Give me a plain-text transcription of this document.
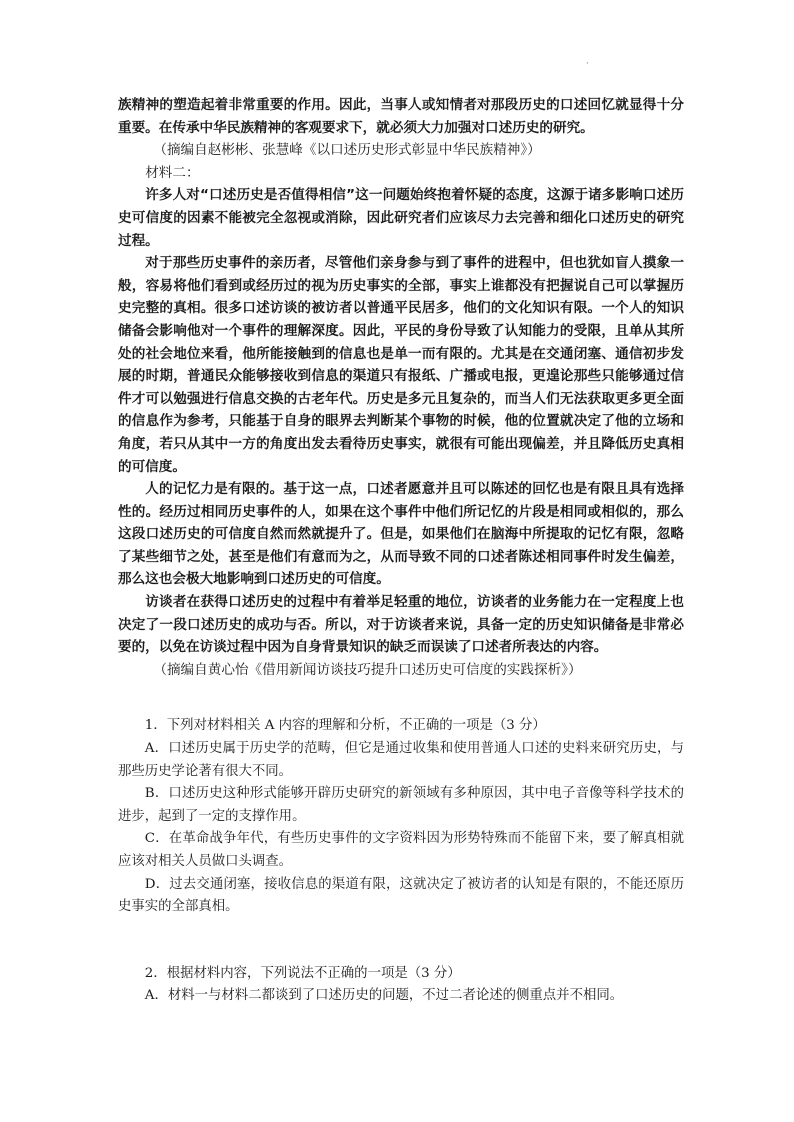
·

族精神的塑造起着非常重要的作用。因此，当事人或知情者对那段历史的口述回忆就显得十分重要。在传承中华民族精神的客观要求下，就必须大力加强对口述历史的研究。

（摘编自赵彬彬、张慧峰《以口述历史形式彰显中华民族精神》）

材料二：

许多人对“口述历史是否值得相信”这一问题始终抱着怀疑的态度，这源于诸多影响口述历史可信度的因素不能被完全忽视或消除，因此研究者们应该尽力去完善和细化口述历史的研究过程。

对于那些历史事件的亲历者，尽管他们亲身参与到了事件的进程中，但也犹如盲人摸象一般，容易将他们看到或经历过的视为历史事实的全部，事实上谁都没有把握说自己可以掌握历史完整的真相。很多口述访谈的被访者以普通平民居多，他们的文化知识有限。一个人的知识储备会影响他对一个事件的理解深度。因此，平民的身份导致了认知能力的受限，且单从其所处的社会地位来看，他所能接触到的信息也是单一而有限的。尤其是在交通闭塞、通信初步发展的时期，普通民众能够接收到信息的渠道只有报纸、广播或电报，更遑论那些只能够通过信件才可以勉强进行信息交换的古老年代。历史是多元且复杂的，而当人们无法获取更多更全面的信息作为参考，只能基于自身的眼界去判断某个事物的时候，他的位置就决定了他的立场和角度，若只从其中一方的角度出发去看待历史事实，就很有可能出现偏差，并且降低历史真相的可信度。

人的记忆力是有限的。基于这一点，口述者愿意并且可以陈述的回忆也是有限且具有选择性的。经历过相同历史事件的人，如果在这个事件中他们所记忆的片段是相同或相似的，那么这段口述历史的可信度自然而然就提升了。但是，如果他们在脑海中所提取的记忆有限，忽略了某些细节之处，甚至是他们有意而为之，从而导致不同的口述者陈述相同事件时发生偏差，那么这也会极大地影响到口述历史的可信度。

访谈者在获得口述历史的过程中有着举足轻重的地位，访谈者的业务能力在一定程度上也决定了一段口述历史的成功与否。所以，对于访谈者来说，具备一定的历史知识储备是非常必要的，以免在访谈过程中因为自身背景知识的缺乏而误读了口述者所表达的内容。

（摘编自黄心怡《借用新闻访谈技巧提升口述历史可信度的实践探析》）

1．下列对材料相关 A 内容的理解和分析，不正确的一项是（3 分）

A．口述历史属于历史学的范畴，但它是通过收集和使用普通人口述的史料来研究历史，与那些历史学论著有很大不同。

B．口述历史这种形式能够开辟历史研究的新领域有多种原因，其中电子音像等科学技术的进步，起到了一定的支撑作用。

C．在革命战争年代，有些历史事件的文字资料因为形势特殊而不能留下来，要了解真相就应该对相关人员做口头调查。

D．过去交通闭塞，接收信息的渠道有限，这就决定了被访者的认知是有限的，不能还原历史事实的全部真相。

2．根据材料内容，下列说法不正确的一项是（3 分）

A．材料一与材料二都谈到了口述历史的问题，不过二者论述的侧重点并不相同。
